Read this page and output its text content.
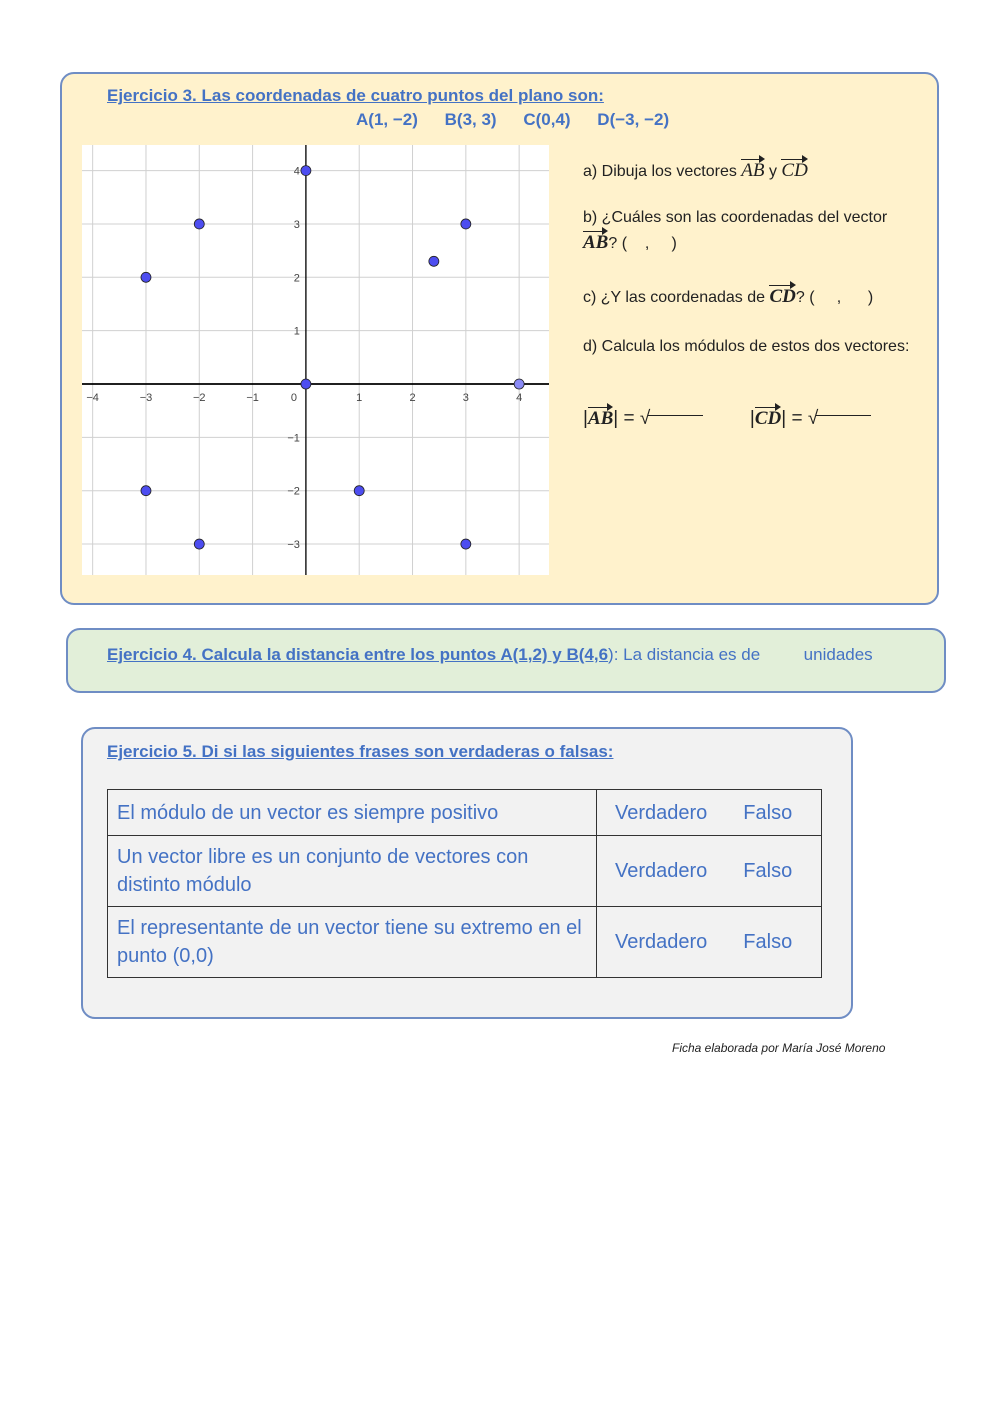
Ejercicio 3. Las coordenadas de cuatro puntos del plano son:
A(1, −2) B(3, 3) C(0,4) D(−3, −2)
−4	−3	−2	−1	0	1	2	3	4
−3
−2
−1
1
2
3
4	a) Dibuja los vectores AB y CD
b) ¿Cuáles son las coordenadas del vector
AB? (    ,     )
c) ¿Y las coordenadas de CD? (     ,      )
d) Calcula los módulos de estos dos vectores:
|AB| = √	|CD| = √
Ejercicio 4. Calcula la distancia entre los puntos A(1,2) y B(4,6): La distancia es de	unidades
Ejercicio 5. Di si las siguientes frases son verdaderas o falsas:
El módulo de un vector es siempre positivo	Verdadero Falso
Un vector libre es un conjunto de vectores con distinto módulo	Verdadero Falso
El representante de un vector tiene su extremo en el punto (0,0)	Verdadero Falso
Ficha elaborada por María José Moreno
